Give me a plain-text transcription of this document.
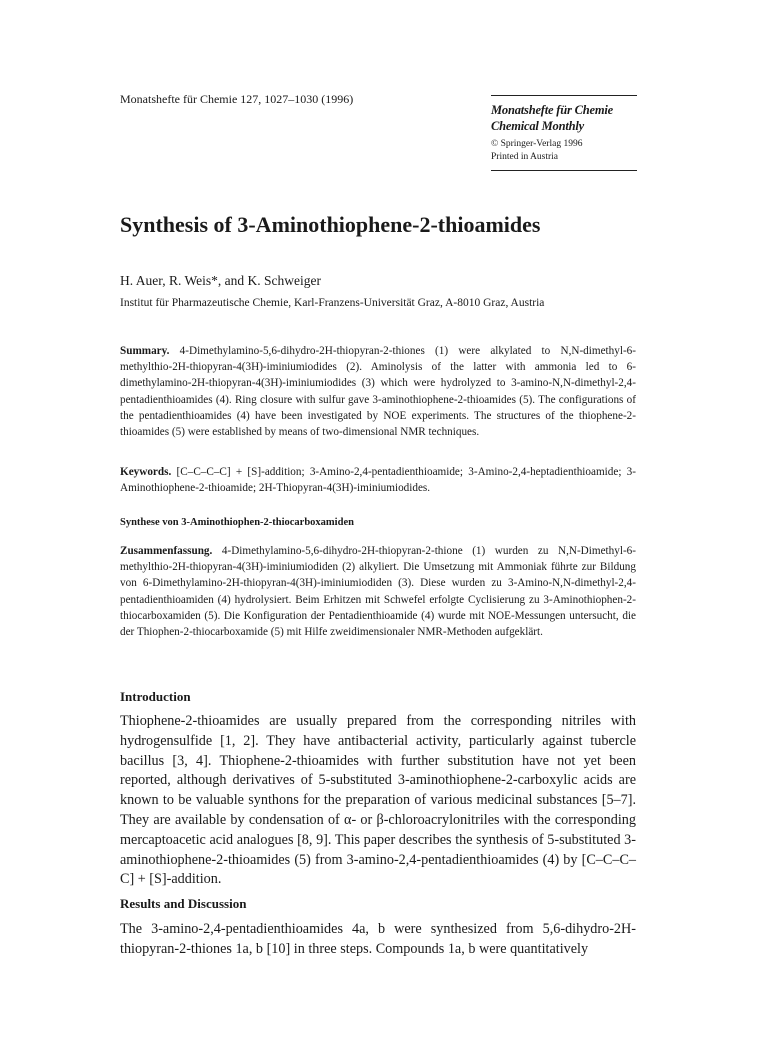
Monatshefte für Chemie 127, 1027–1030 (1996)
Monatshefte für Chemie
Chemical Monthly
© Springer-Verlag 1996
Printed in Austria
Synthesis of 3-Aminothiophene-2-thioamides
H. Auer, R. Weis*, and K. Schweiger
Institut für Pharmazeutische Chemie, Karl-Franzens-Universität Graz, A-8010 Graz, Austria
Summary. 4-Dimethylamino-5,6-dihydro-2H-thiopyran-2-thiones (1) were alkylated to N,N-dimethyl-6-methylthio-2H-thiopyran-4(3H)-iminiumiodides (2). Aminolysis of the latter with ammonia led to 6-dimethylamino-2H-thiopyran-4(3H)-iminiumiodides (3) which were hydrolyzed to 3-amino-N,N-dimethyl-2,4-pentadienthioamides (4). Ring closure with sulfur gave 3-aminothiophene-2-thioamides (5). The configurations of the pentadienthioamides (4) have been investigated by NOE experiments. The structures of the thiophene-2-thioamides (5) were established by means of two-dimensional NMR techniques.
Keywords. [C–C–C–C] + [S]-addition; 3-Amino-2,4-pentadienthioamide; 3-Amino-2,4-heptadienthioamide; 3-Aminothiophene-2-thioamide; 2H-Thiopyran-4(3H)-iminiumiodides.
Synthese von 3-Aminothiophen-2-thiocarboxamiden
Zusammenfassung. 4-Dimethylamino-5,6-dihydro-2H-thiopyran-2-thione (1) wurden zu N,N-Dimethyl-6-methylthio-2H-thiopyran-4(3H)-iminiumiodiden (2) alkyliert. Die Umsetzung mit Ammoniak führte zur Bildung von 6-Dimethylamino-2H-thiopyran-4(3H)-iminiumiodiden (3). Diese wurden zu 3-Amino-N,N-dimethyl-2,4-pentadienthioamiden (4) hydrolysiert. Beim Erhitzen mit Schwefel erfolgte Cyclisierung zu 3-Aminothiophen-2-thiocarboxamiden (5). Die Konfiguration der Pentadienthioamide (4) wurde mit NOE-Messungen untersucht, die der Thiophen-2-thiocarboxamide (5) mit Hilfe zweidimensionaler NMR-Methoden aufgeklärt.
Introduction
Thiophene-2-thioamides are usually prepared from the corresponding nitriles with hydrogensulfide [1, 2]. They have antibacterial activity, particularly against tubercle bacillus [3, 4]. Thiophene-2-thioamides with further substitution have not yet been reported, although derivatives of 5-substituted 3-aminothiophene-2-carboxylic acids are known to be valuable synthons for the preparation of various medicinal substances [5–7]. They are available by condensation of α- or β-chloroacrylonitriles with the corresponding mercaptoacetic acid analogues [8, 9]. This paper describes the synthesis of 5-substituted 3-aminothiophene-2-thioamides (5) from 3-amino-2,4-pentadienthioamides (4) by [C–C–C–C] + [S]-addition.
Results and Discussion
The 3-amino-2,4-pentadienthioamides 4a, b were synthesized from 5,6-dihydro-2H-thiopyran-2-thiones 1a, b [10] in three steps. Compounds 1a, b were quantitatively
